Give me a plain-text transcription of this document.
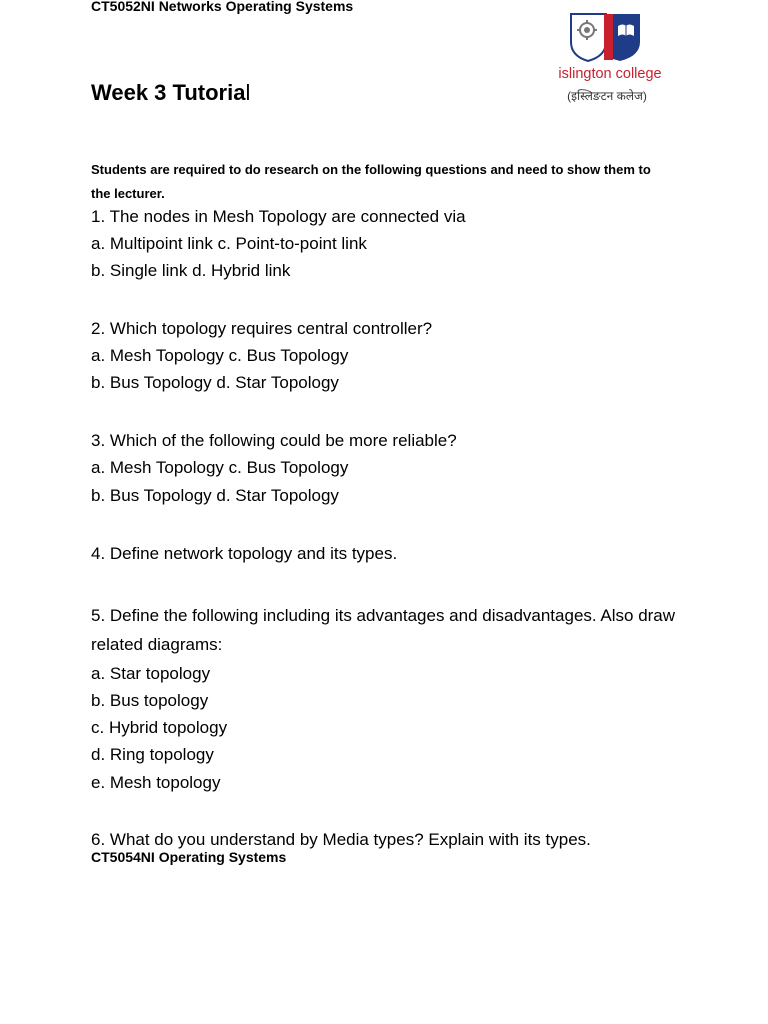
CT5052NI Networks Operating Systems
Week 3 Tutorial
islington college
(इस्लिङटन कलेज)
Students are required to do research on the following questions and need to show them to
the lecturer.
1. The nodes in Mesh Topology are connected via
a. Multipoint link c. Point-to-point link
b. Single link d. Hybrid link
2. Which topology requires central controller?
a. Mesh Topology c. Bus Topology
b. Bus Topology d. Star Topology
3. Which of the following could be more reliable?
a. Mesh Topology c. Bus Topology
b. Bus Topology d. Star Topology
4. Define network topology and its types.
5. Define the following including its advantages and disadvantages. Also draw
related diagrams:
a. Star topology
b. Bus topology
c. Hybrid topology
d. Ring topology
e. Mesh topology
6. What do you understand by Media types? Explain with its types.
CT5054NI Operating Systems
